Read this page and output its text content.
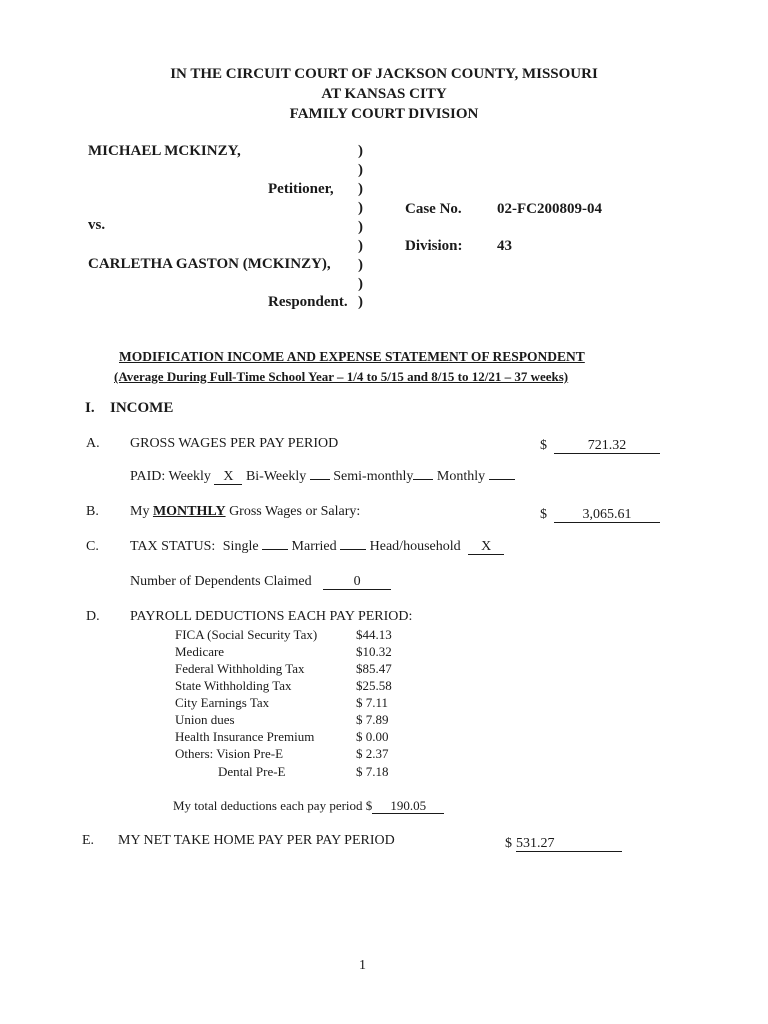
IN THE CIRCUIT COURT OF JACKSON COUNTY, MISSOURI
AT KANSAS CITY
FAMILY COURT DIVISION
MICHAEL MCKINZY,
Petitioner,
vs.
CARLETHA GASTON (MCKINZY),
Respondent.
)
)
)
)
)
)
)
)
)
Case No. 02-FC200809-04
Division: 43
MODIFICATION INCOME AND EXPENSE STATEMENT OF RESPONDENT
(Average During Full-Time School Year – 1/4 to 5/15 and 8/15 to 12/21 – 37 weeks)
I. INCOME
A. GROSS WAGES PER PAY PERIOD	$	721.32
PAID: Weekly X Bi-Weekly Semi-monthly Monthly
B. My MONTHLY Gross Wages or Salary:	$	3,065.61
C. TAX STATUS: Single Married Head/household X
Number of Dependents Claimed	0
D. PAYROLL DEDUCTIONS EACH PAY PERIOD:
FICA (Social Security Tax)	$44.13
Medicare	$10.32
Federal Withholding Tax	$85.47
State Withholding Tax	$25.58
City Earnings Tax	$ 7.11
Union dues	$ 7.89
Health Insurance Premium	$ 0.00
Others: Vision Pre-E	$ 2.37
Dental Pre-E	$ 7.18
My total deductions each pay period $ 190.05
E. MY NET TAKE HOME PAY PER PAY PERIOD	$ 531.27
1
